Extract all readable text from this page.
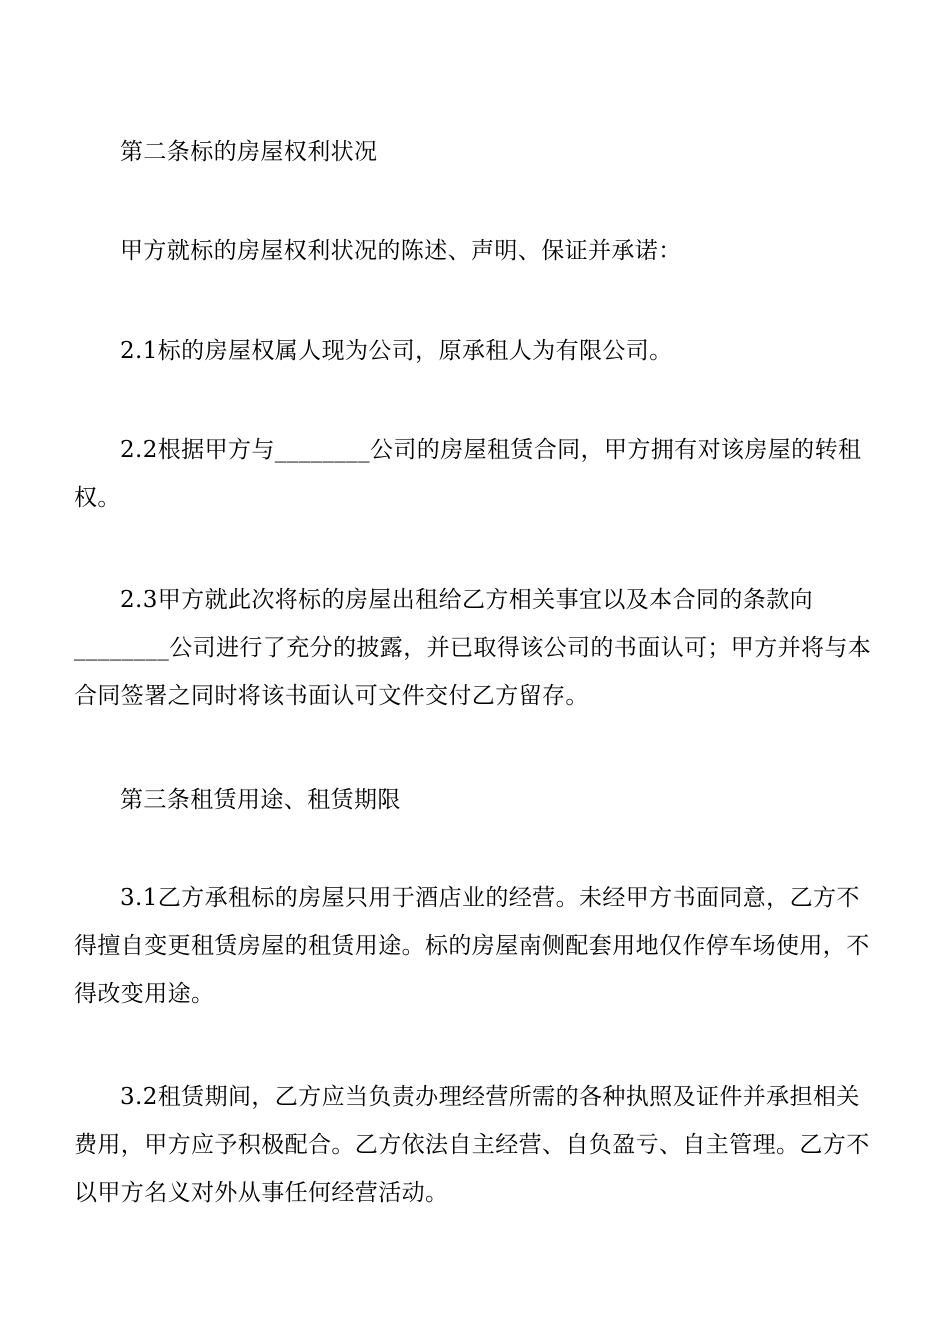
第二条标的房屋权利状况

甲方就标的房屋权利状况的陈述、声明、保证并承诺：

2.1标的房屋权属人现为公司，原承租人为有限公司。

2.2根据甲方与________公司的房屋租赁合同，甲方拥有对该房屋的转租权。

2.3甲方就此次将标的房屋出租给乙方相关事宜以及本合同的条款向________公司进行了充分的披露，并已取得该公司的书面认可；甲方并将与本合同签署之同时将该书面认可文件交付乙方留存。

第三条租赁用途、租赁期限

3.1乙方承租标的房屋只用于酒店业的经营。未经甲方书面同意，乙方不得擅自变更租赁房屋的租赁用途。标的房屋南侧配套用地仅作停车场使用，不得改变用途。

3.2租赁期间，乙方应当负责办理经营所需的各种执照及证件并承担相关费用，甲方应予积极配合。乙方依法自主经营、自负盈亏、自主管理。乙方不以甲方名义对外从事任何经营活动。
